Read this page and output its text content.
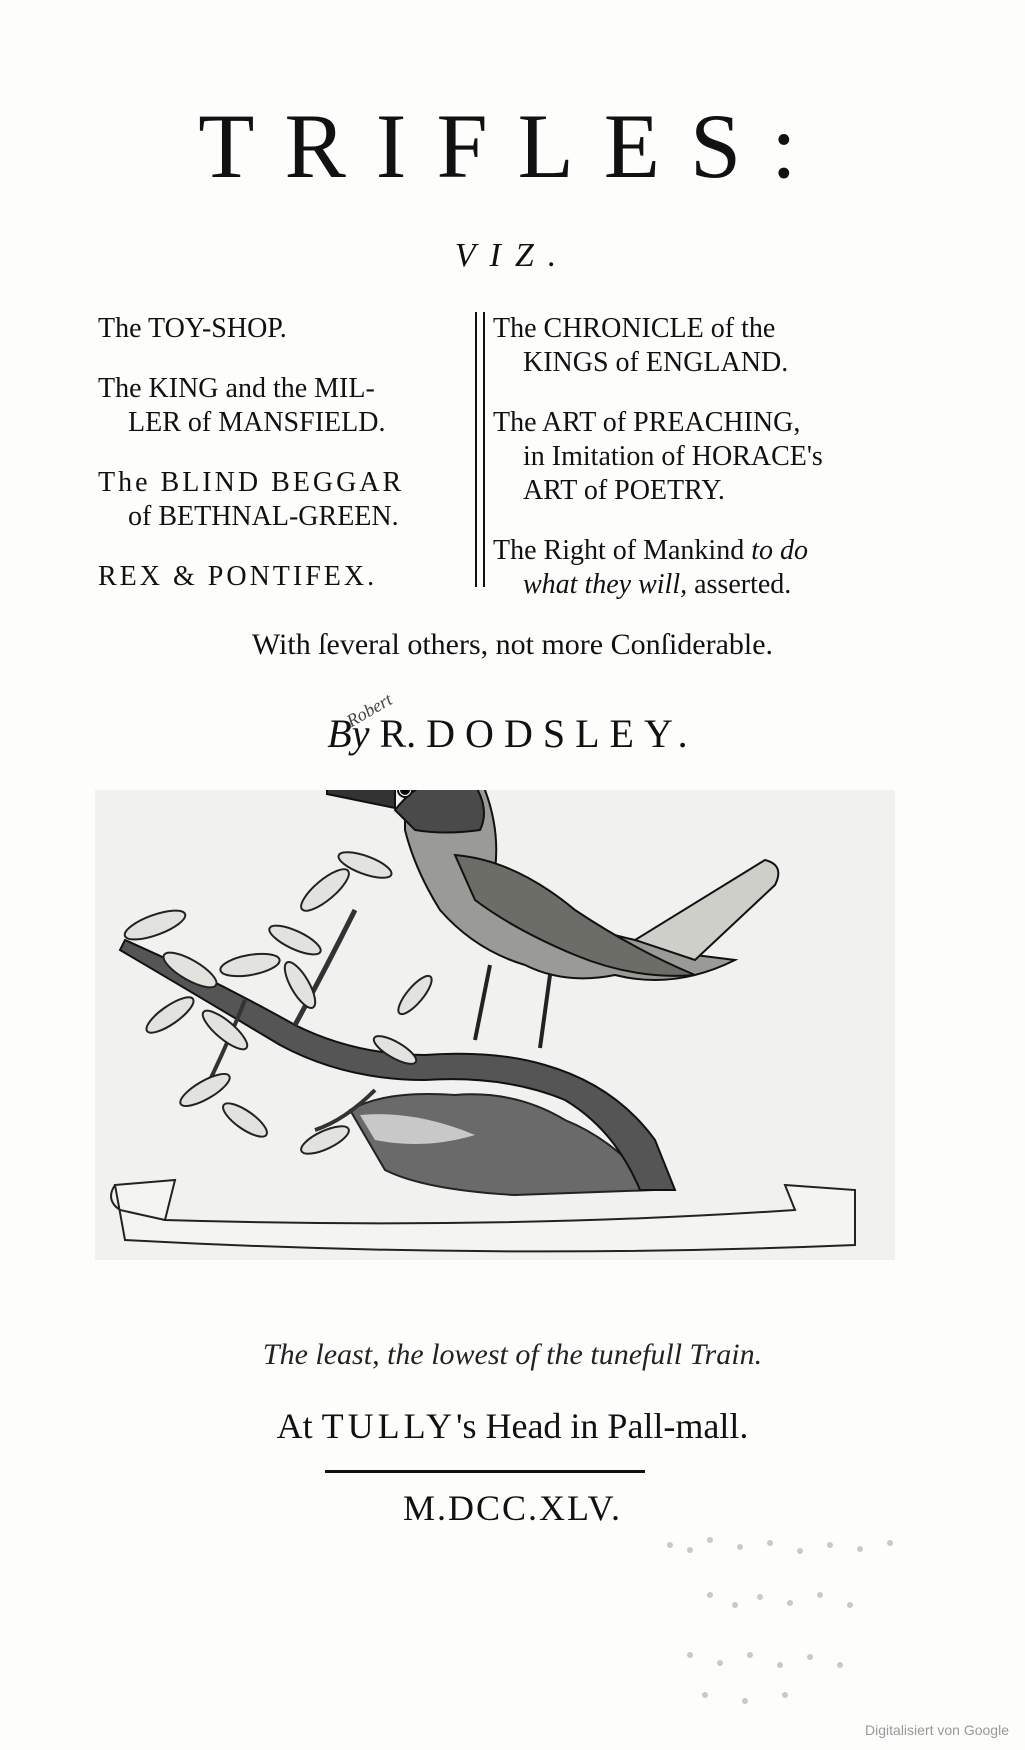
TRIFLES:
VIZ.
The TOY-SHOP.
The KING and the MIL-
LER of MANSFIELD.
The BLIND BEGGAR
of BETHNAL-GREEN.
REX & PONTIFEX.
The CHRONICLE of the
KINGS of ENGLAND.
The ART of PREACHING,
in Imitation of HORACE's
ART of POETRY.
The Right of Mankind to do
what they will, asserted.
With ſeveral others, not more Conſiderable.
By R. DODSLEY.
Robert
The least, the lowest of the tunefull Train.
At TULLY's Head in Pall-mall.
M.DCC.XLV.
Digitalisiert von Google
